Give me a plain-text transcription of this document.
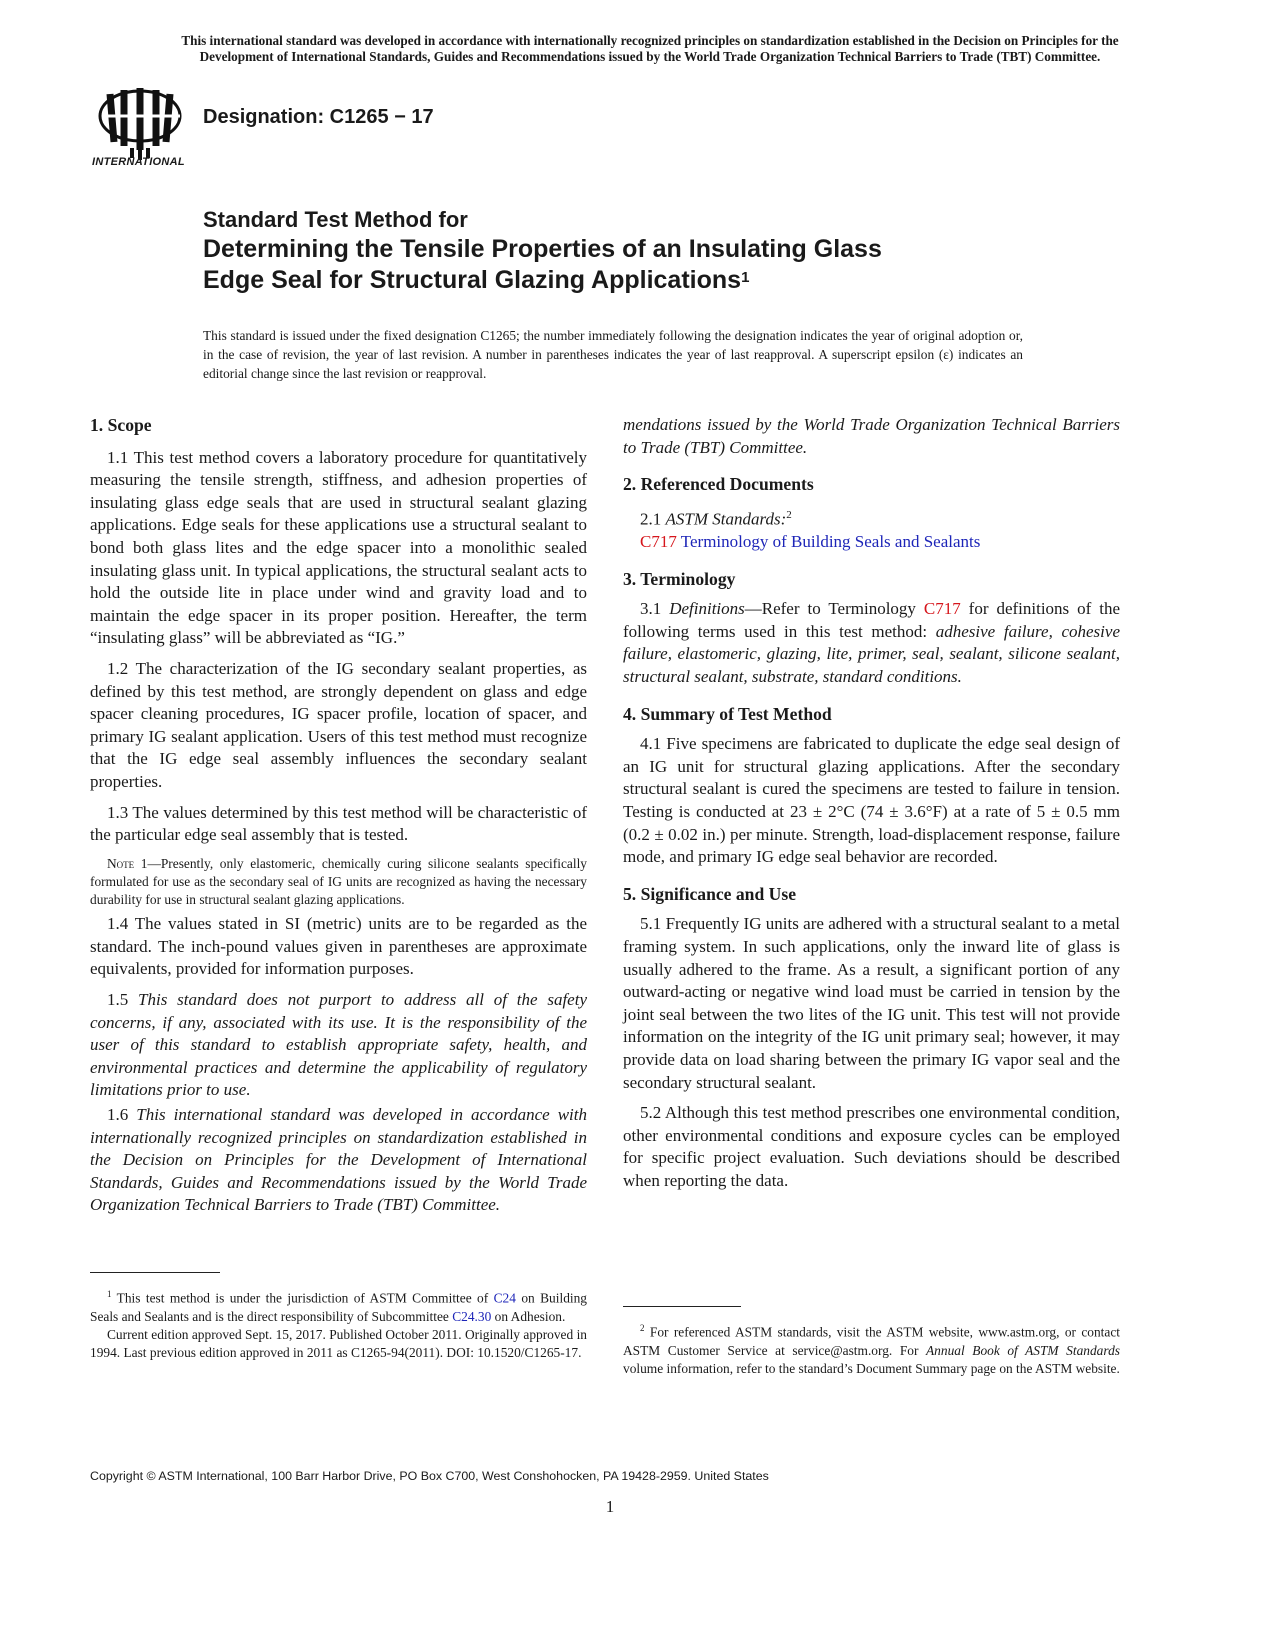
This international standard was developed in accordance with internationally recognized principles on standardization established in the Decision on Principles for the
Development of International Standards, Guides and Recommendations issued by the World Trade Organization Technical Barriers to Trade (TBT) Committee.
INTERNATIONAL
Designation: C1265 − 17
Standard Test Method for
Determining the Tensile Properties of an Insulating Glass
Edge Seal for Structural Glazing Applications$^1$
This standard is issued under the fixed designation C1265; the number immediately following the designation indicates the year of original adoption or, in the case of revision, the year of last revision. A number in parentheses indicates the year of last reapproval. A superscript epsilon (ε) indicates an editorial change since the last revision or reapproval.
1. Scope

1.1 This test method covers a laboratory procedure for quantitatively measuring the tensile strength, stiffness, and adhesion properties of insulating glass edge seals that are used in structural sealant glazing applications. Edge seals for these applications use a structural sealant to bond both glass lites and the edge spacer into a monolithic sealed insulating glass unit. In typical applications, the structural sealant acts to hold the outside lite in place under wind and gravity load and to maintain the edge spacer in its proper position. Hereafter, the term “insulating glass” will be abbreviated as “IG.”

1.2 The characterization of the IG secondary sealant properties, as defined by this test method, are strongly dependent on glass and edge spacer cleaning procedures, IG spacer profile, location of spacer, and primary IG sealant application. Users of this test method must recognize that the IG edge seal assembly influences the secondary sealant properties.

1.3 The values determined by this test method will be characteristic of the particular edge seal assembly that is tested.

Note 1—Presently, only elastomeric, chemically curing silicone sealants specifically formulated for use as the secondary seal of IG units are recognized as having the necessary durability for use in structural sealant glazing applications.

1.4 The values stated in SI (metric) units are to be regarded as the standard. The inch-pound values given in parentheses are approximate equivalents, provided for information purposes.

1.5 This standard does not purport to address all of the safety concerns, if any, associated with its use. It is the responsibility of the user of this standard to establish appropriate safety, health, and environmental practices and determine the applicability of regulatory limitations prior to use.

1.6 This international standard was developed in accordance with internationally recognized principles on standardization established in the Decision on Principles for the Development of International Standards, Guides and Recommendations issued by the World Trade Organization Technical Barriers to Trade (TBT) Committee.

$^1$ This test method is under the jurisdiction of ASTM Committee of C24 on Building Seals and Sealants and is the direct responsibility of Subcommittee C24.30 on Adhesion.

Current edition approved Sept. 15, 2017. Published October 2011. Originally approved in 1994. Last previous edition approved in 2011 as C1265-94(2011). DOI: 10.1520/C1265-17.

mendations issued by the World Trade Organization Technical Barriers to Trade (TBT) Committee.

2. Referenced Documents

2.1 ASTM Standards:$^2$

C717 Terminology of Building Seals and Sealants

3. Terminology

3.1 Definitions—Refer to Terminology C717 for definitions of the following terms used in this test method: adhesive failure, cohesive failure, elastomeric, glazing, lite, primer, seal, sealant, silicone sealant, structural sealant, substrate, standard conditions.

4. Summary of Test Method

4.1 Five specimens are fabricated to duplicate the edge seal design of an IG unit for structural glazing applications. After the secondary structural sealant is cured the specimens are tested to failure in tension. Testing is conducted at 23 ± 2°C (74 ± 3.6°F) at a rate of 5 ± 0.5 mm (0.2 ± 0.02 in.) per minute. Strength, load-displacement response, failure mode, and primary IG edge seal behavior are recorded.

5. Significance and Use

5.1 Frequently IG units are adhered with a structural sealant to a metal framing system. In such applications, only the inward lite of glass is usually adhered to the frame. As a result, a significant portion of any outward-acting or negative wind load must be carried in tension by the joint seal between the two lites of the IG unit. This test will not provide information on the integrity of the IG unit primary seal; however, it may provide data on load sharing between the primary IG vapor seal and the secondary structural sealant.

5.2 Although this test method prescribes one environmental condition, other environmental conditions and exposure cycles can be employed for specific project evaluation. Such deviations should be described when reporting the data.

$^2$ For referenced ASTM standards, visit the ASTM website, www.astm.org, or contact ASTM Customer Service at service@astm.org. For Annual Book of ASTM Standards volume information, refer to the standard’s Document Summary page on the ASTM website.

Copyright © ASTM International, 100 Barr Harbor Drive, PO Box C700, West Conshohocken, PA 19428-2959. United States
1
